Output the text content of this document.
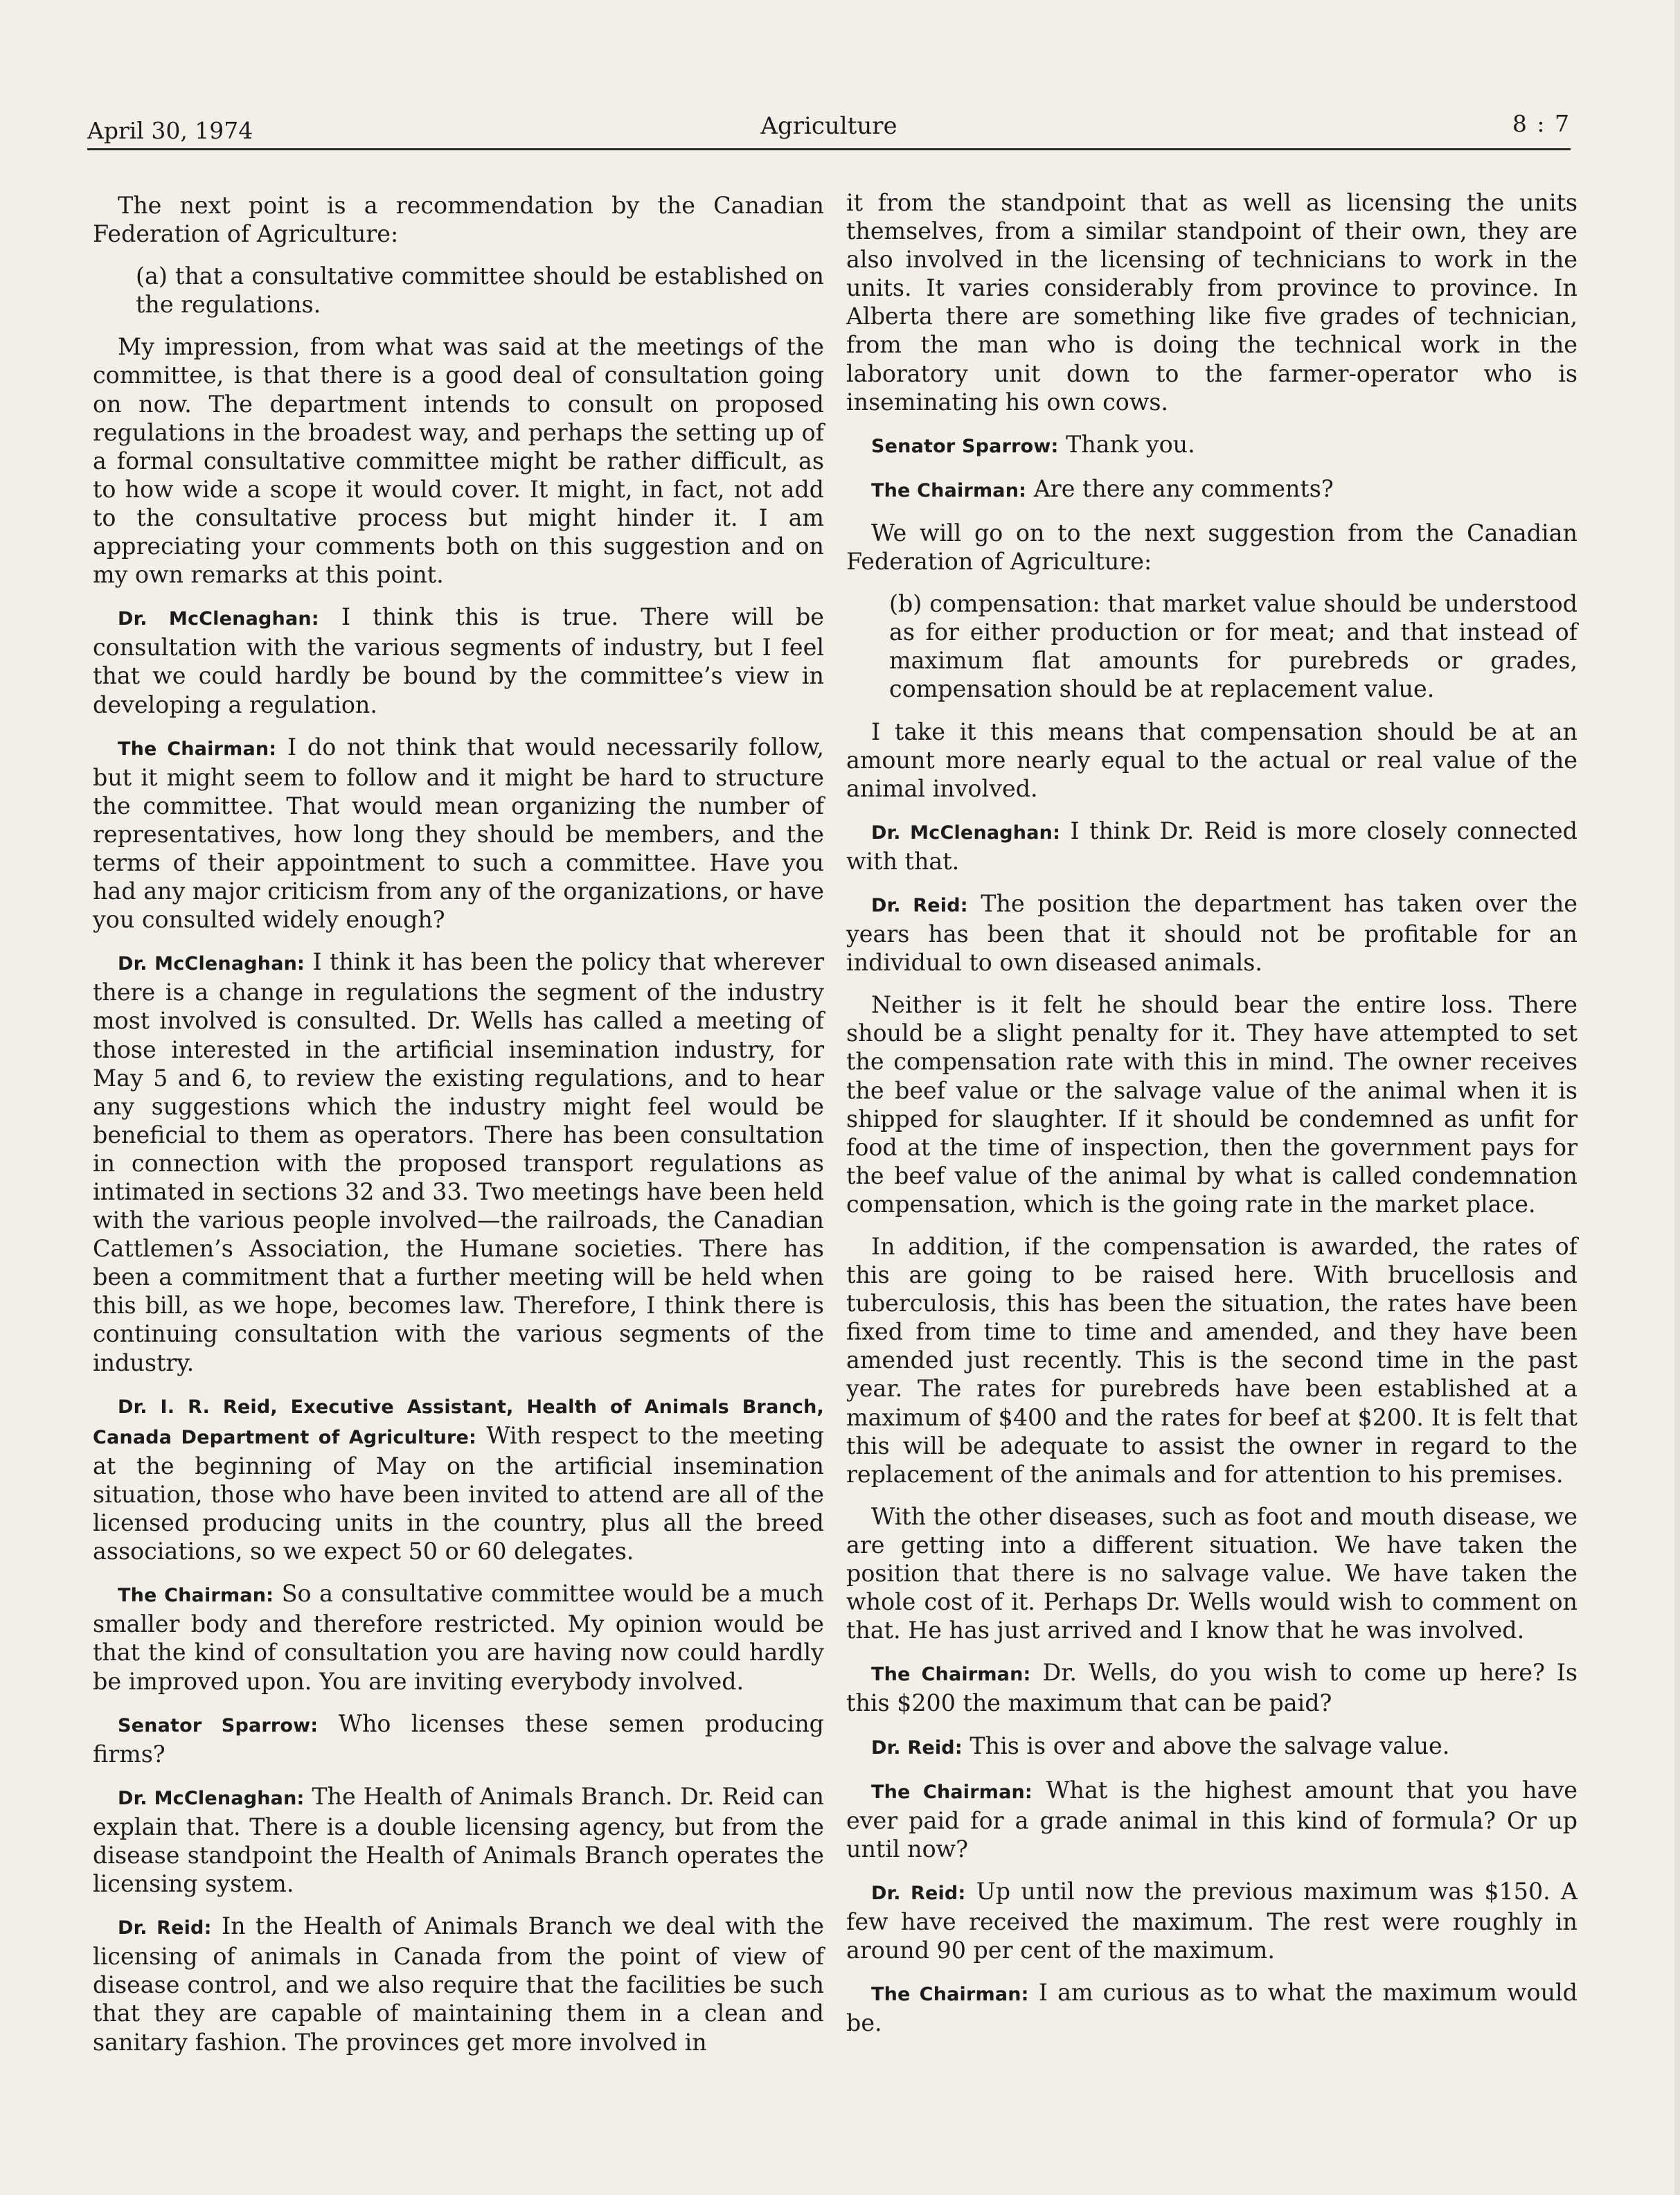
April 30, 1974	Agriculture	8 : 7

The next point is a recommendation by the Canadian Federation of Agriculture:

(a) that a consultative committee should be established on the regulations.

My impression, from what was said at the meetings of the committee, is that there is a good deal of consultation going on now. The department intends to consult on proposed regulations in the broadest way, and perhaps the setting up of a formal consultative committee might be rather difficult, as to how wide a scope it would cover. It might, in fact, not add to the consultative process but might hinder it. I am appreciating your comments both on this suggestion and on my own remarks at this point.

Dr. McClenaghan: I think this is true. There will be consultation with the various segments of industry, but I feel that we could hardly be bound by the committee’s view in developing a regulation.

The Chairman: I do not think that would necessarily follow, but it might seem to follow and it might be hard to structure the committee. That would mean organizing the number of representatives, how long they should be members, and the terms of their appointment to such a committee. Have you had any major criticism from any of the organizations, or have you consulted widely enough?

Dr. McClenaghan: I think it has been the policy that wherever there is a change in regulations the segment of the industry most involved is consulted. Dr. Wells has called a meeting of those interested in the artificial insemination industry, for May 5 and 6, to review the existing regulations, and to hear any suggestions which the industry might feel would be beneficial to them as operators. There has been consultation in connection with the proposed transport regulations as intimated in sections 32 and 33. Two meetings have been held with the various people involved—the railroads, the Canadian Cattlemen’s Association, the Humane societies. There has been a commitment that a further meeting will be held when this bill, as we hope, becomes law. Therefore, I think there is continuing consultation with the various segments of the industry.

Dr. I. R. Reid, Executive Assistant, Health of Animals Branch, Canada Department of Agriculture: With respect to the meeting at the beginning of May on the artificial insemination situation, those who have been invited to attend are all of the licensed producing units in the country, plus all the breed associations, so we expect 50 or 60 delegates.

The Chairman: So a consultative committee would be a much smaller body and therefore restricted. My opinion would be that the kind of consultation you are having now could hardly be improved upon. You are inviting everybody involved.

Senator Sparrow: Who licenses these semen producing firms?

Dr. McClenaghan: The Health of Animals Branch. Dr. Reid can explain that. There is a double licensing agency, but from the disease standpoint the Health of Animals Branch operates the licensing system.

Dr. Reid: In the Health of Animals Branch we deal with the licensing of animals in Canada from the point of view of disease control, and we also require that the facilities be such that they are capable of maintaining them in a clean and sanitary fashion. The provinces get more involved in

it from the standpoint that as well as licensing the units themselves, from a similar standpoint of their own, they are also involved in the licensing of technicians to work in the units. It varies considerably from province to province. In Alberta there are something like five grades of technician, from the man who is doing the technical work in the laboratory unit down to the farmer-operator who is inseminating his own cows.

Senator Sparrow: Thank you.

The Chairman: Are there any comments?

We will go on to the next suggestion from the Canadian Federation of Agriculture:

(b) compensation: that market value should be understood as for either production or for meat; and that instead of maximum flat amounts for purebreds or grades, compensation should be at replacement value.

I take it this means that compensation should be at an amount more nearly equal to the actual or real value of the animal involved.

Dr. McClenaghan: I think Dr. Reid is more closely connected with that.

Dr. Reid: The position the department has taken over the years has been that it should not be profitable for an individual to own diseased animals.

Neither is it felt he should bear the entire loss. There should be a slight penalty for it. They have attempted to set the compensation rate with this in mind. The owner receives the beef value or the salvage value of the animal when it is shipped for slaughter. If it should be condemned as unfit for food at the time of inspection, then the government pays for the beef value of the animal by what is called condemnation compensation, which is the going rate in the market place.

In addition, if the compensation is awarded, the rates of this are going to be raised here. With brucellosis and tuberculosis, this has been the situation, the rates have been fixed from time to time and amended, and they have been amended just recently. This is the second time in the past year. The rates for purebreds have been established at a maximum of $400 and the rates for beef at $200. It is felt that this will be adequate to assist the owner in regard to the replacement of the animals and for attention to his premises.

With the other diseases, such as foot and mouth disease, we are getting into a different situation. We have taken the position that there is no salvage value. We have taken the whole cost of it. Perhaps Dr. Wells would wish to comment on that. He has just arrived and I know that he was involved.

The Chairman: Dr. Wells, do you wish to come up here? Is this $200 the maximum that can be paid?

Dr. Reid: This is over and above the salvage value.

The Chairman: What is the highest amount that you have ever paid for a grade animal in this kind of formula? Or up until now?

Dr. Reid: Up until now the previous maximum was $150. A few have received the maximum. The rest were roughly in around 90 per cent of the maximum.

The Chairman: I am curious as to what the maximum would be.
